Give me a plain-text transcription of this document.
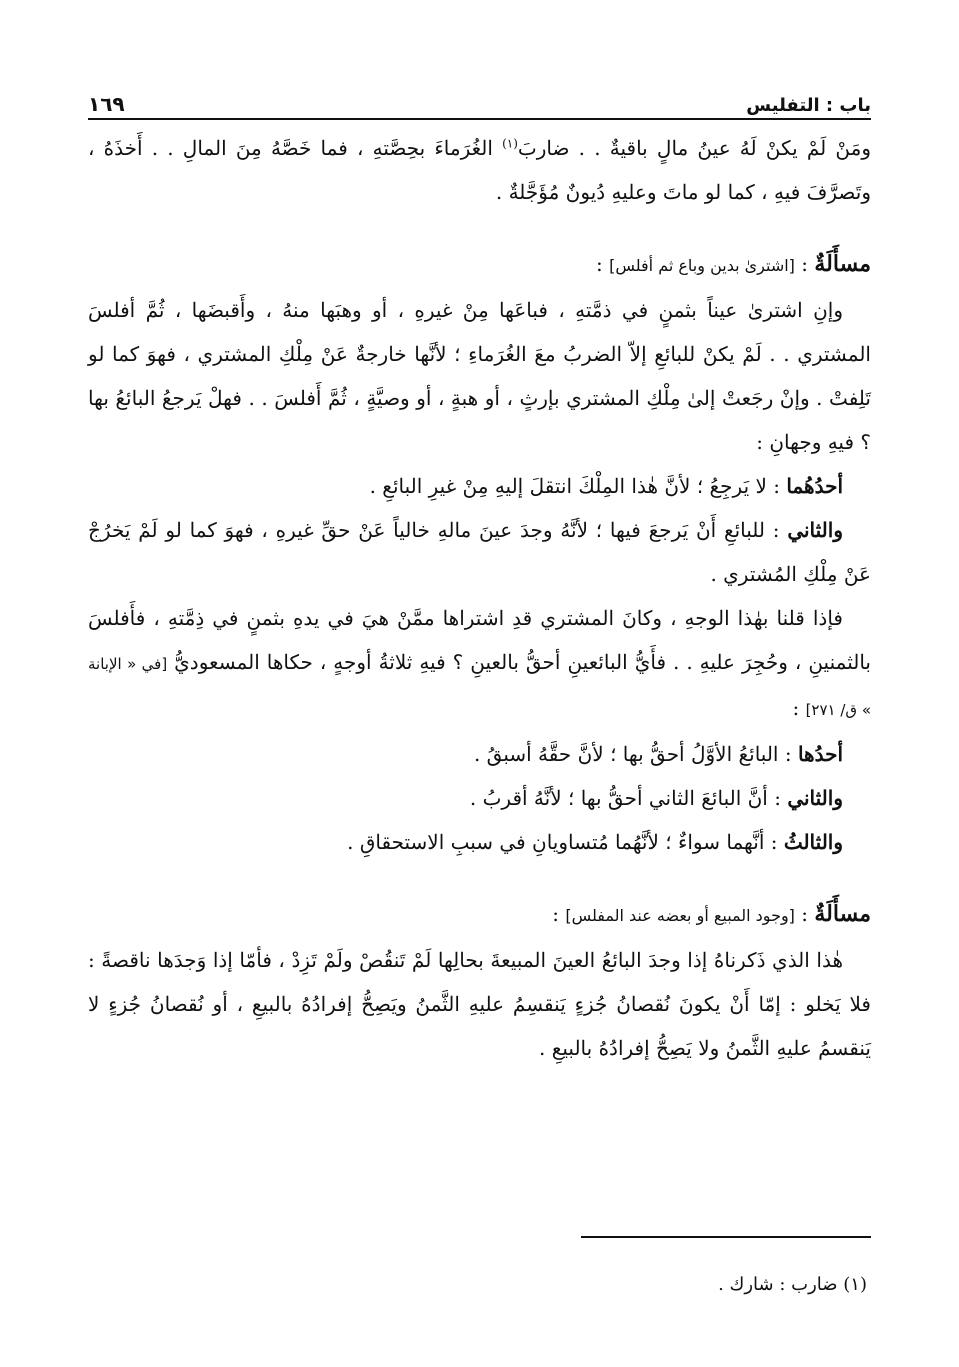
باب : التفليس
١٦٩

ومَنْ لَمْ يكنْ لَهُ عينُ مالٍ باقيةٌ . . ضاربَ$^{(١)}$ الغُرَماءَ بحِصَّتهِ ، فما خَصَّهُ مِنَ المالِ . . أَخذَهُ ، وتَصرَّفَ فيهِ ، كما لو ماتَ وعليهِ دُيونٌ مُؤَجَّلةٌ .

مسأَلَةٌ : [اشترىٰ بدين وباع ثم أفلس] :

وإنِ اشترىٰ عيناً بثمنٍ في ذمَّتهِ ، فباعَها مِنْ غيرهِ ، أو وهبَها منهُ ، وأَقبضَها ، ثُمَّ أفلسَ المشتري . . لَمْ يكنْ للبائعِ إلاّ الضربُ معَ الغُرَماءِ ؛ لأنَّها خارجةٌ عَنْ مِلْكِ المشتري ، فهوَ كما لو تَلِفتْ . وإنْ رجَعتْ إلىٰ مِلْكِ المشتري بإرثٍ ، أو هبةٍ ، أو وصيَّةٍ ، ثُمَّ أَفلسَ . . فهلْ يَرجعُ البائعُ بها ؟ فيهِ وجهانِ :

أحدُهُما : لا يَرجِعُ ؛ لأنَّ هٰذا المِلْكَ انتقلَ إليهِ مِنْ غيرِ البائعِ .

والثاني : للبائعِ أَنْ يَرجعَ فيها ؛ لأنَّهُ وجدَ عينَ مالهِ خالياً عَنْ حقِّ غيرهِ ، فهوَ كما لو لَمْ يَخرُجْ عَنْ مِلْكِ المُشتري .

فإذا قلنا بهٰذا الوجهِ ، وكانَ المشتري قدِ اشتراها ممَّنْ هيَ في يدهِ بثمنٍ في ذِمَّتهِ ، فأَفلسَ بالثمنينِ ، وحُجِرَ عليهِ . . فأَيُّ البائعينِ أحقُّ بالعينِ ؟ فيهِ ثلاثةُ أوجهٍ ، حكاها المسعوديُّ [في « الإبانة » ق/ ٢٧١] :

أحدُها : البائعُ الأوَّلُ أحقُّ بها ؛ لأنَّ حقَّهُ أسبقُ .

والثاني : أنَّ البائعَ الثاني أحقُّ بها ؛ لأنَّهُ أقربُ .

والثالثُ : أنَّهما سواءٌ ؛ لأنَّهُما مُتساويانِ في سببِ الاستحقاقِ .

مسأَلَةٌ : [وجود المبيع أو بعضه عند المفلس] :

هٰذا الذي ذَكرناهُ إذا وجدَ البائعُ العينَ المبيعةَ بحالِها لَمْ تَنقُصْ ولَمْ تَزِدْ ، فأمّا إذا وَجدَها ناقصةً : فلا يَخلو : إمّا أَنْ يكونَ نُقصانُ جُزءٍ يَنقسِمُ عليهِ الثَّمنُ ويَصِحُّ إفرادُهُ بالبيعِ ، أو نُقصانُ جُزءٍ لا يَنقسمُ عليهِ الثَّمنُ ولا يَصِحُّ إفرادُهُ بالبيعِ .

(١) ضارب : شارك .
